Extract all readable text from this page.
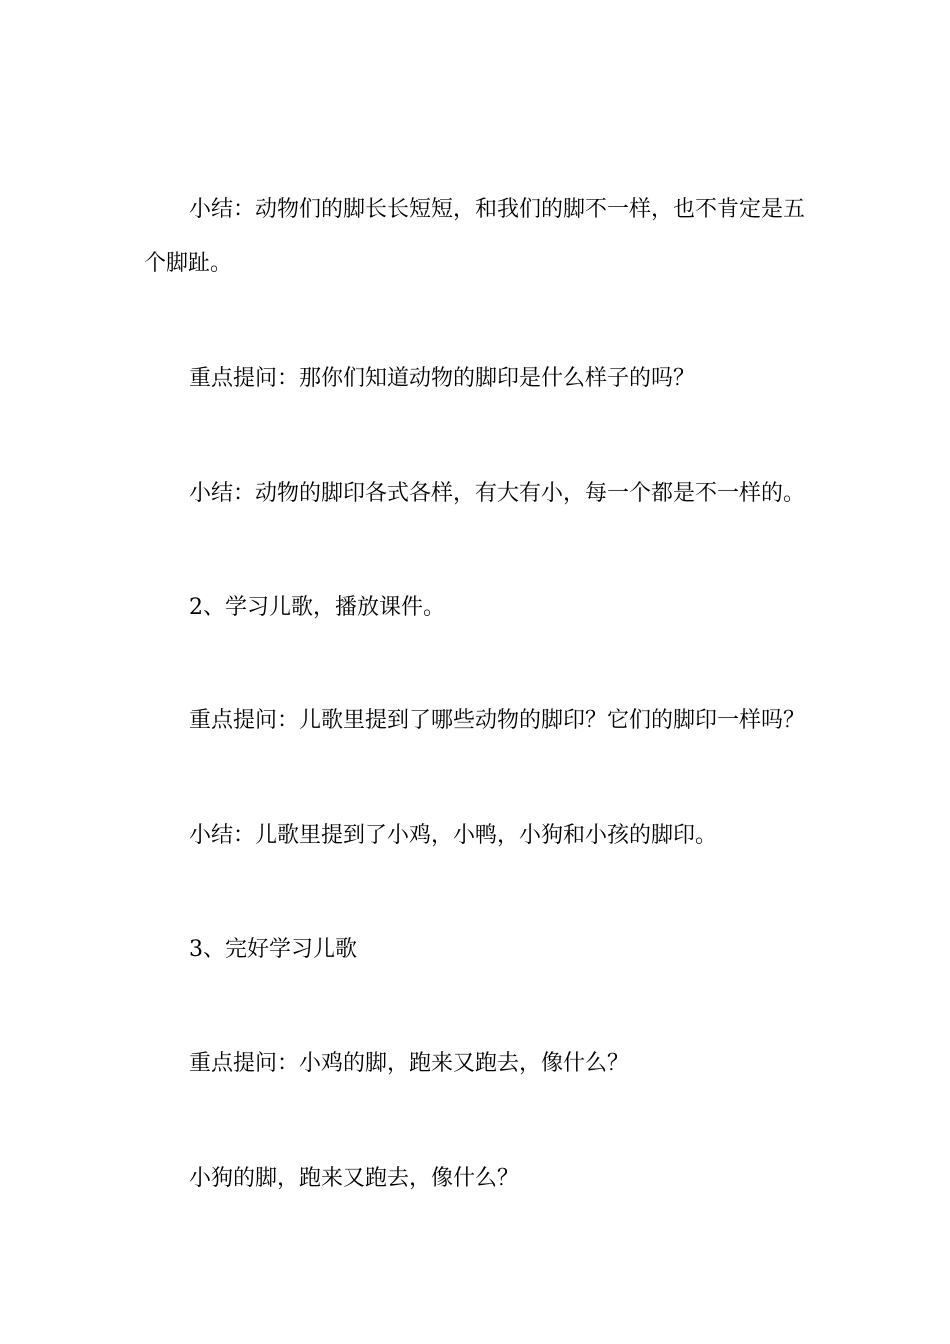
小结：动物们的脚长长短短，和我们的脚不一样，也不肯定是五个脚趾。

重点提问：那你们知道动物的脚印是什么样子的吗？

小结：动物的脚印各式各样，有大有小，每一个都是不一样的。

2、学习儿歌，播放课件。

重点提问：儿歌里提到了哪些动物的脚印？它们的脚印一样吗？

小结：儿歌里提到了小鸡，小鸭，小狗和小孩的脚印。

3、完好学习儿歌

重点提问：小鸡的脚，跑来又跑去，像什么？

小狗的脚，跑来又跑去，像什么？
